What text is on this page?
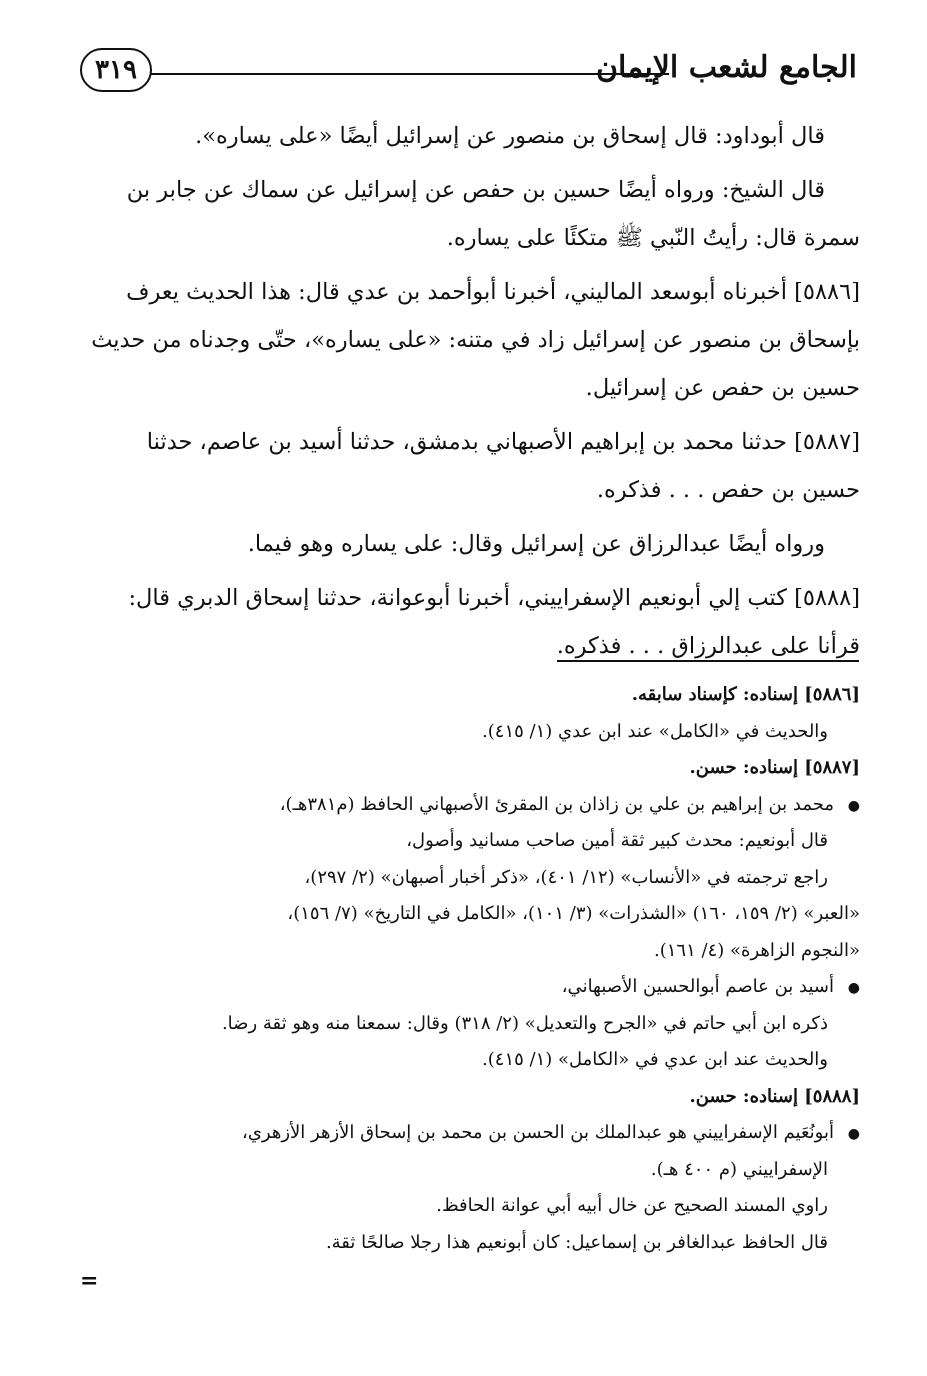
الجامع لشعب الإيمان
٣١٩
قال أبوداود: قال إسحاق بن منصور عن إسرائيل أيضًا «على يساره».
قال الشيخ: ورواه أيضًا حسين بن حفص عن إسرائيل عن سماك عن جابر بن
سمرة قال: رأيتُ النّبي ﷺ متكئًا على يساره.
[٥٨٨٦] أخبرناه أبوسعد الماليني، أخبرنا أبوأحمد بن عدي قال: هذا الحديث يعرف
بإسحاق بن منصور عن إسرائيل زاد في متنه: «على يساره»، حتّى وجدناه من حديث
حسين بن حفص عن إسرائيل.
[٥٨٨٧] حدثنا محمد بن إبراهيم الأصبهاني بدمشق، حدثنا أسيد بن عاصم، حدثنا
حسين بن حفص . . . فذكره.
ورواه أيضًا عبدالرزاق عن إسرائيل وقال: على يساره وهو فيما.
[٥٨٨٨] كتب إلي أبونعيم الإسفراييني، أخبرنا أبوعوانة، حدثنا إسحاق الدبري قال:
قرأنا على عبدالرزاق . . . فذكره.
[٥٨٨٦] إسناده: كإسناد سابقه.
والحديث في «الكامل» عند ابن عدي (١/ ٤١٥).
[٥٨٨٧] إسناده: حسن.
●محمد بن إبراهيم بن علي بن زاذان بن المقرئ الأصبهاني الحافظ (م٣٨١هـ)،
قال أبونعيم: محدث كبير ثقة أمين صاحب مسانيد وأصول،
راجع ترجمته في «الأنساب» (١٢/ ٤٠١)، «ذكر أخبار أصبهان» (٢/ ٢٩٧)،
«العبر» (٢/ ١٥٩، ١٦٠) «الشذرات» (٣/ ١٠١)، «الكامل في التاريخ» (٧/ ١٥٦)،
«النجوم الزاهرة» (٤/ ١٦١).
●أسيد بن عاصم أبوالحسين الأصبهاني،
ذكره ابن أبي حاتم في «الجرح والتعديل» (٢/ ٣١٨) وقال: سمعنا منه وهو ثقة رضا.
والحديث عند ابن عدي في «الكامل» (١/ ٤١٥).
[٥٨٨٨] إسناده: حسن.
●أبونُعَيم الإسفراييني هو عبدالملك بن الحسن بن محمد بن إسحاق الأزهر الأزهري،
الإسفراييني (م ٤٠٠ هـ).
راوي المسند الصحيح عن خال أبيه أبي عوانة الحافظ.
قال الحافظ عبدالغافر بن إسماعيل: كان أبونعيم هذا رجلا صالحًا ثقة.
=
